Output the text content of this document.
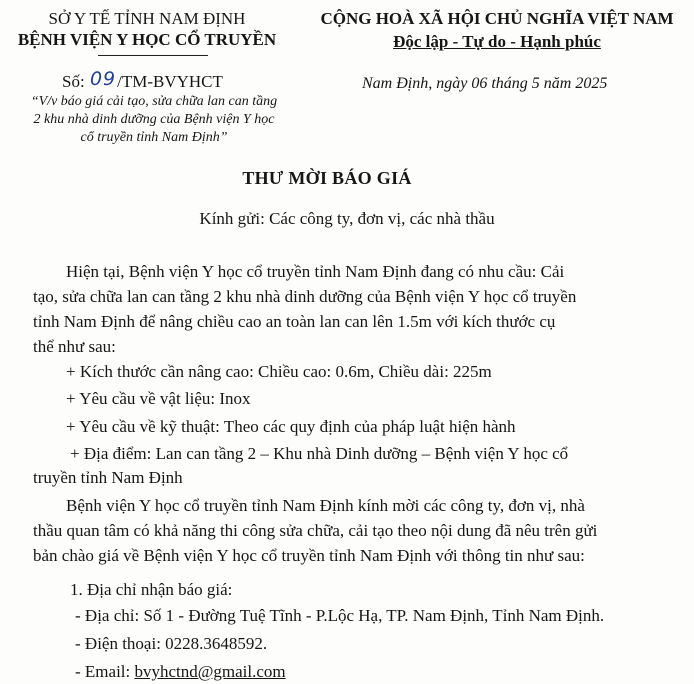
SỞ Y TẾ TỈNH NAM ĐỊNH
BỆNH VIỆN Y HỌC CỔ TRUYỀN
CỘNG HOÀ XÃ HỘI CHỦ NGHĨA VIỆT NAM
Độc lập - Tự do - Hạnh phúc
Số: 09/TM-BVYHCT	Nam Định, ngày 06 tháng 5 năm 2025
“V/v báo giá cải tạo, sửa chữa lan can tầng
2 khu nhà dinh dưỡng của Bệnh viện Y học
cổ truyền tỉnh Nam Định”
THƯ MỜI BÁO GIÁ
Kính gửi: Các công ty, đơn vị, các nhà thầu
Hiện tại, Bệnh viện Y học cổ truyền tỉnh Nam Định đang có nhu cầu: Cải
tạo, sửa chữa lan can tầng 2 khu nhà dinh dưỡng của Bệnh viện Y học cổ truyền
tỉnh Nam Định để nâng chiều cao an toàn lan can lên 1.5m với kích thước cụ
thể như sau:
+ Kích thước cần nâng cao: Chiều cao: 0.6m, Chiều dài: 225m
+ Yêu cầu về vật liệu: Inox
+ Yêu cầu về kỹ thuật: Theo các quy định của pháp luật hiện hành
+ Địa điểm: Lan can tầng 2 – Khu nhà Dinh dưỡng – Bệnh viện Y học cổ
truyền tỉnh Nam Định
Bệnh viện Y học cổ truyền tỉnh Nam Định kính mời các công ty, đơn vị, nhà
thầu quan tâm có khả năng thi công sửa chữa, cải tạo theo nội dung đã nêu trên gửi
bản chào giá về Bệnh viện Y học cổ truyền tỉnh Nam Định với thông tin như sau:
1. Địa chỉ nhận báo giá:
- Địa chỉ: Số 1 - Đường Tuệ Tĩnh - P.Lộc Hạ, TP. Nam Định, Tỉnh Nam Định.
- Điện thoại: 0228.3648592.
- Email: bvyhctnd@gmail.com
